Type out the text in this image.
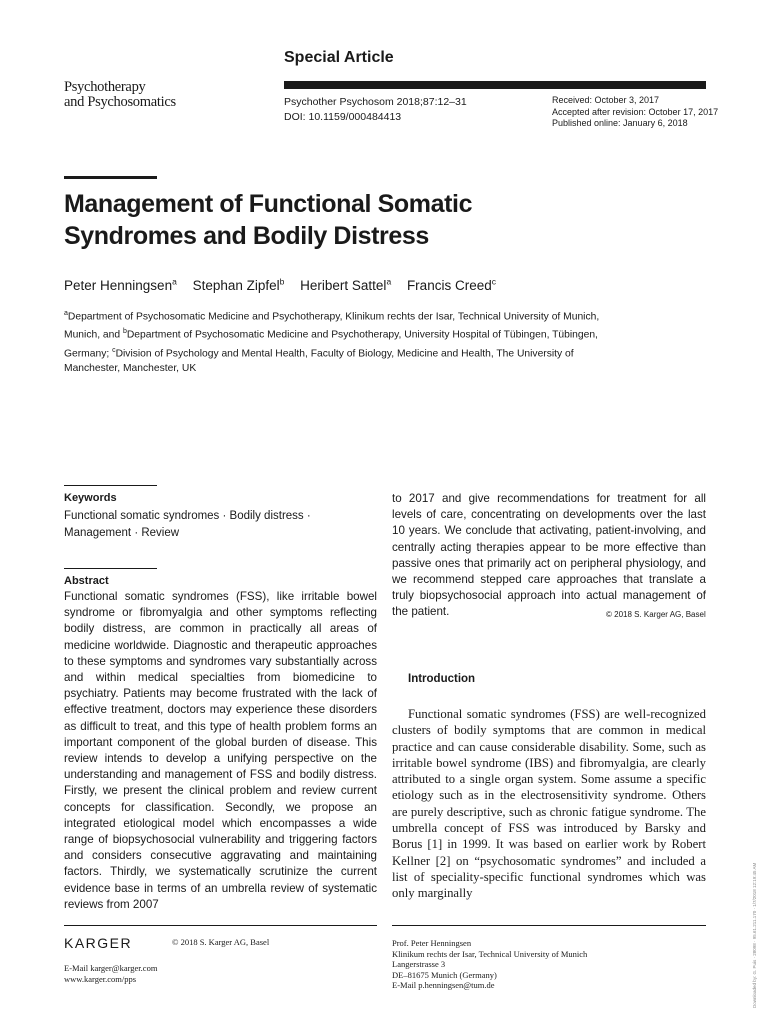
Special Article
Psychotherapy
and Psychosomatics	Psychother Psychosom 2018;87:12–31
DOI: 10.1159/000484413
Received: October 3, 2017
Accepted after revision: October 17, 2017
Published online: January 6, 2018
Management of Functional Somatic
Syndromes and Bodily Distress
Peter Henningsen$^a$ Stephan Zipfel$^b$ Heribert Sattel$^a$ Francis Creed$^c$
$^a$Department of Psychosomatic Medicine and Psychotherapy, Klinikum rechts der Isar, Technical University of Munich, Munich, and $^b$Department of Psychosomatic Medicine and Psychotherapy, University Hospital of Tübingen, Tübingen, Germany; $^c$Division of Psychology and Mental Health, Faculty of Biology, Medicine and Health, The University of Manchester, Manchester, UK
Keywords
Functional somatic syndromes · Bodily distress · Management · Review
Abstract
Functional somatic syndromes (FSS), like irritable bowel syndrome or fibromyalgia and other symptoms reflecting bodily distress, are common in practically all areas of medicine worldwide. Diagnostic and therapeutic approaches to these symptoms and syndromes vary substantially across and within medical specialties from biomedicine to psychiatry. Patients may become frustrated with the lack of effective treatment, doctors may experience these disorders as difficult to treat, and this type of health problem forms an important component of the global burden of disease. This review intends to develop a unifying perspective on the understanding and management of FSS and bodily distress. Firstly, we present the clinical problem and review current concepts for classification. Secondly, we propose an integrated etiological model which encompasses a wide range of biopsychosocial vulnerability and triggering factors and considers consecutive aggravating and maintaining factors. Thirdly, we systematically scrutinize the current evidence base in terms of an umbrella review of systematic reviews from 2007
to 2017 and give recommendations for treatment for all levels of care, concentrating on developments over the last 10 years. We conclude that activating, patient-involving, and centrally acting therapies appear to be more effective than passive ones that primarily act on peripheral physiology, and we recommend stepped care approaches that translate a truly biopsychosocial approach into actual management of the patient.	© 2018 S. Karger AG, Basel
Introduction
Functional somatic syndromes (FSS) are well-recognized clusters of bodily symptoms that are common in medical practice and can cause considerable disability. Some, such as irritable bowel syndrome (IBS) and fibromyalgia, are clearly attributed to a single organ system. Some assume a specific etiology such as in the electrosensitivity syndrome. Others are purely descriptive, such as chronic fatigue syndrome. The umbrella concept of FSS was introduced by Barsky and Borus [1] in 1999. It was based on earlier work by Robert Kellner [2] on “psychosomatic syndromes” and included a list of speciality-specific functional syndromes which was only marginally
KARGER	© 2018 S. Karger AG, Basel
E-Mail karger@karger.com
www.karger.com/pps
Prof. Peter Henningsen
Klinikum rechts der Isar, Technical University of Munich
Langerstrasse 3
DE–81675 Munich (Germany)
E-Mail p.henningsen@tum.de	Downloaded by: G. Puis · 28098 · 95.61.211.170 · 1/7/2018 12:19:45 AM
